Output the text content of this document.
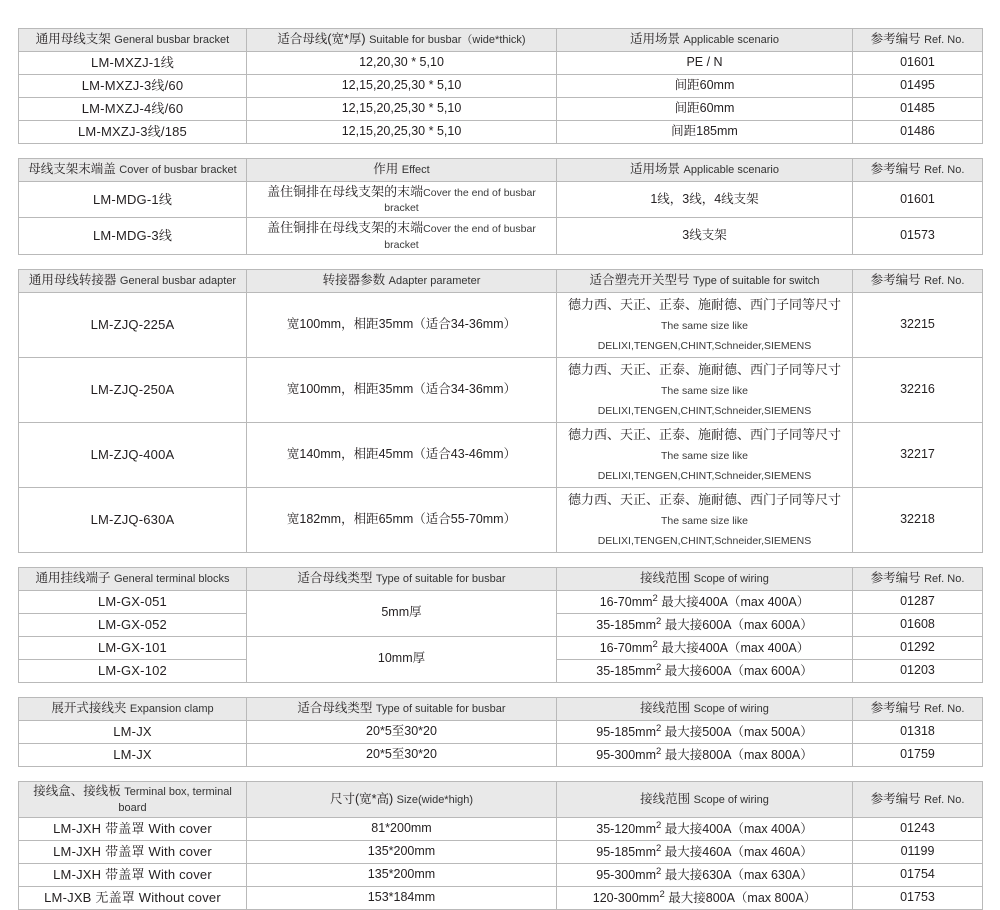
通用母线支架 General busbar bracket	适合母线(宽*厚) Suitable for busbar（wide*thick)	适用场景 Applicable scenario	参考编号 Ref. No.

LM-MXZJ-1线	12,20,30 * 5,10	PE / N	01601

LM-MXZJ-3线/60	12,15,20,25,30 * 5,10	间距60mm	01495

LM-MXZJ-4线/60	12,15,20,25,30 * 5,10	间距60mm	01485

LM-MXZJ-3线/185	12,15,20,25,30 * 5,10	间距185mm	01486
母线支架末端盖 Cover of busbar bracket	作用 Effect	适用场景 Applicable scenario	参考编号 Ref. No.

LM-MDG-1线	盖住铜排在母线支架的末端Cover the end of busbar bracket	1线，3线，4线支架	01601

LM-MDG-3线	盖住铜排在母线支架的末端Cover the end of busbar bracket	3线支架	01573
通用母线转接器 General busbar adapter	转接器参数 Adapter parameter	适合塑壳开关型号 Type of suitable for switch	参考编号 Ref. No.

LM-ZJQ-225A	宽100mm，相距35mm（适合34-36mm）	德力西、天正、正泰、施耐德、西门子同等尺寸 The same size like DELIXI,TENGEN,CHINT,Schneider,SIEMENS	32215

LM-ZJQ-250A	宽100mm，相距35mm（适合34-36mm）	德力西、天正、正泰、施耐德、西门子同等尺寸 The same size like DELIXI,TENGEN,CHINT,Schneider,SIEMENS	32216

LM-ZJQ-400A	宽140mm，相距45mm（适合43-46mm）	德力西、天正、正泰、施耐德、西门子同等尺寸 The same size like DELIXI,TENGEN,CHINT,Schneider,SIEMENS	32217

LM-ZJQ-630A	宽182mm，相距65mm（适合55-70mm）	德力西、天正、正泰、施耐德、西门子同等尺寸 The same size like DELIXI,TENGEN,CHINT,Schneider,SIEMENS	32218
通用挂线端子 General terminal blocks	适合母线类型 Type of suitable for busbar	接线范围 Scope of wiring	参考编号 Ref. No.

LM-GX-051	5mm厚	$16-70mm^2$ 最大接400A（max 400A）	01287

LM-GX-052		$35-185mm^2$ 最大接600A（max 600A）	01608

LM-GX-101	10mm厚	$16-70mm^2$ 最大接400A（max 400A）	01292

LM-GX-102		$35-185mm^2$ 最大接600A（max 600A）	01203
展开式接线夹 Expansion clamp	适合母线类型 Type of suitable for busbar	接线范围 Scope of wiring	参考编号 Ref. No.

LM-JX	20*5至30*20	$95-185mm^2$ 最大接500A（max 500A）	01318

LM-JX	20*5至30*20	$95-300mm^2$ 最大接800A（max 800A）	01759
接线盒、接线板 Terminal box, terminal board	尺寸(宽*高) Size(wide*high)	接线范围 Scope of wiring	参考编号 Ref. No.

LM-JXH 带盖罩 With cover	81*200mm	$35-120mm^2$ 最大接400A（max 400A）	01243

LM-JXH 带盖罩 With cover	135*200mm	$95-185mm^2$ 最大接460A（max 460A）	01199

LM-JXH 带盖罩 With cover	135*200mm	$95-300mm^2$ 最大接630A（max 630A）	01754

LM-JXB 无盖罩 Without cover	153*184mm	$120-300mm^2$ 最大接800A（max 800A）	01753
